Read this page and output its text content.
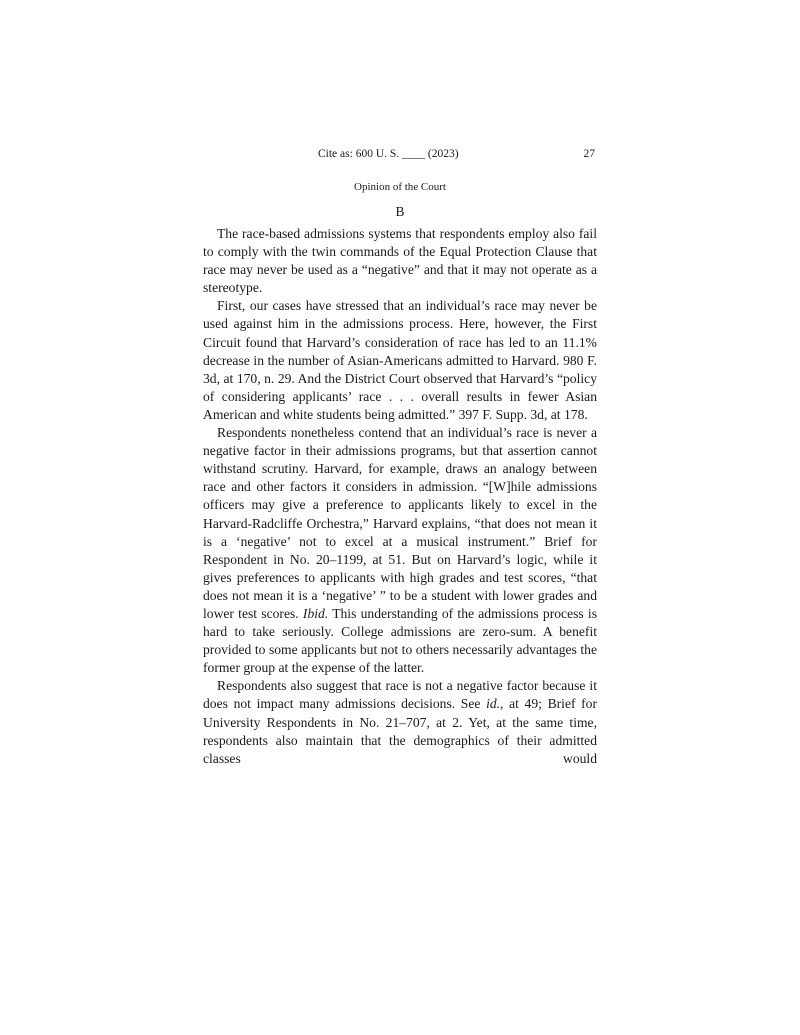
Cite as: 600 U. S. ____ (2023)	27
Opinion of the Court
B

The race-based admissions systems that respondents employ also fail to comply with the twin commands of the Equal Protection Clause that race may never be used as a “negative” and that it may not operate as a stereotype.

First, our cases have stressed that an individual’s race may never be used against him in the admissions process. Here, however, the First Circuit found that Harvard’s consideration of race has led to an 11.1% decrease in the number of Asian-Americans admitted to Harvard. 980 F. 3d, at 170, n. 29. And the District Court observed that Harvard’s “policy of considering applicants’ race . . . overall results in fewer Asian American and white students being admitted.” 397 F. Supp. 3d, at 178.

Respondents nonetheless contend that an individual’s race is never a negative factor in their admissions programs, but that assertion cannot withstand scrutiny. Harvard, for example, draws an analogy between race and other factors it considers in admission. “[W]hile admissions officers may give a preference to applicants likely to excel in the Harvard-Radcliffe Orchestra,” Harvard explains, “that does not mean it is a ‘negative’ not to excel at a musical instrument.” Brief for Respondent in No. 20–1199, at 51. But on Harvard’s logic, while it gives preferences to applicants with high grades and test scores, “that does not mean it is a ‘negative’ ” to be a student with lower grades and lower test scores. Ibid. This understanding of the admissions process is hard to take seriously. College admissions are zero-sum. A benefit provided to some applicants but not to others necessarily advantages the former group at the expense of the latter.

Respondents also suggest that race is not a negative factor because it does not impact many admissions decisions. See id., at 49; Brief for University Respondents in No. 21–707, at 2. Yet, at the same time, respondents also maintain that the demographics of their admitted classes would
